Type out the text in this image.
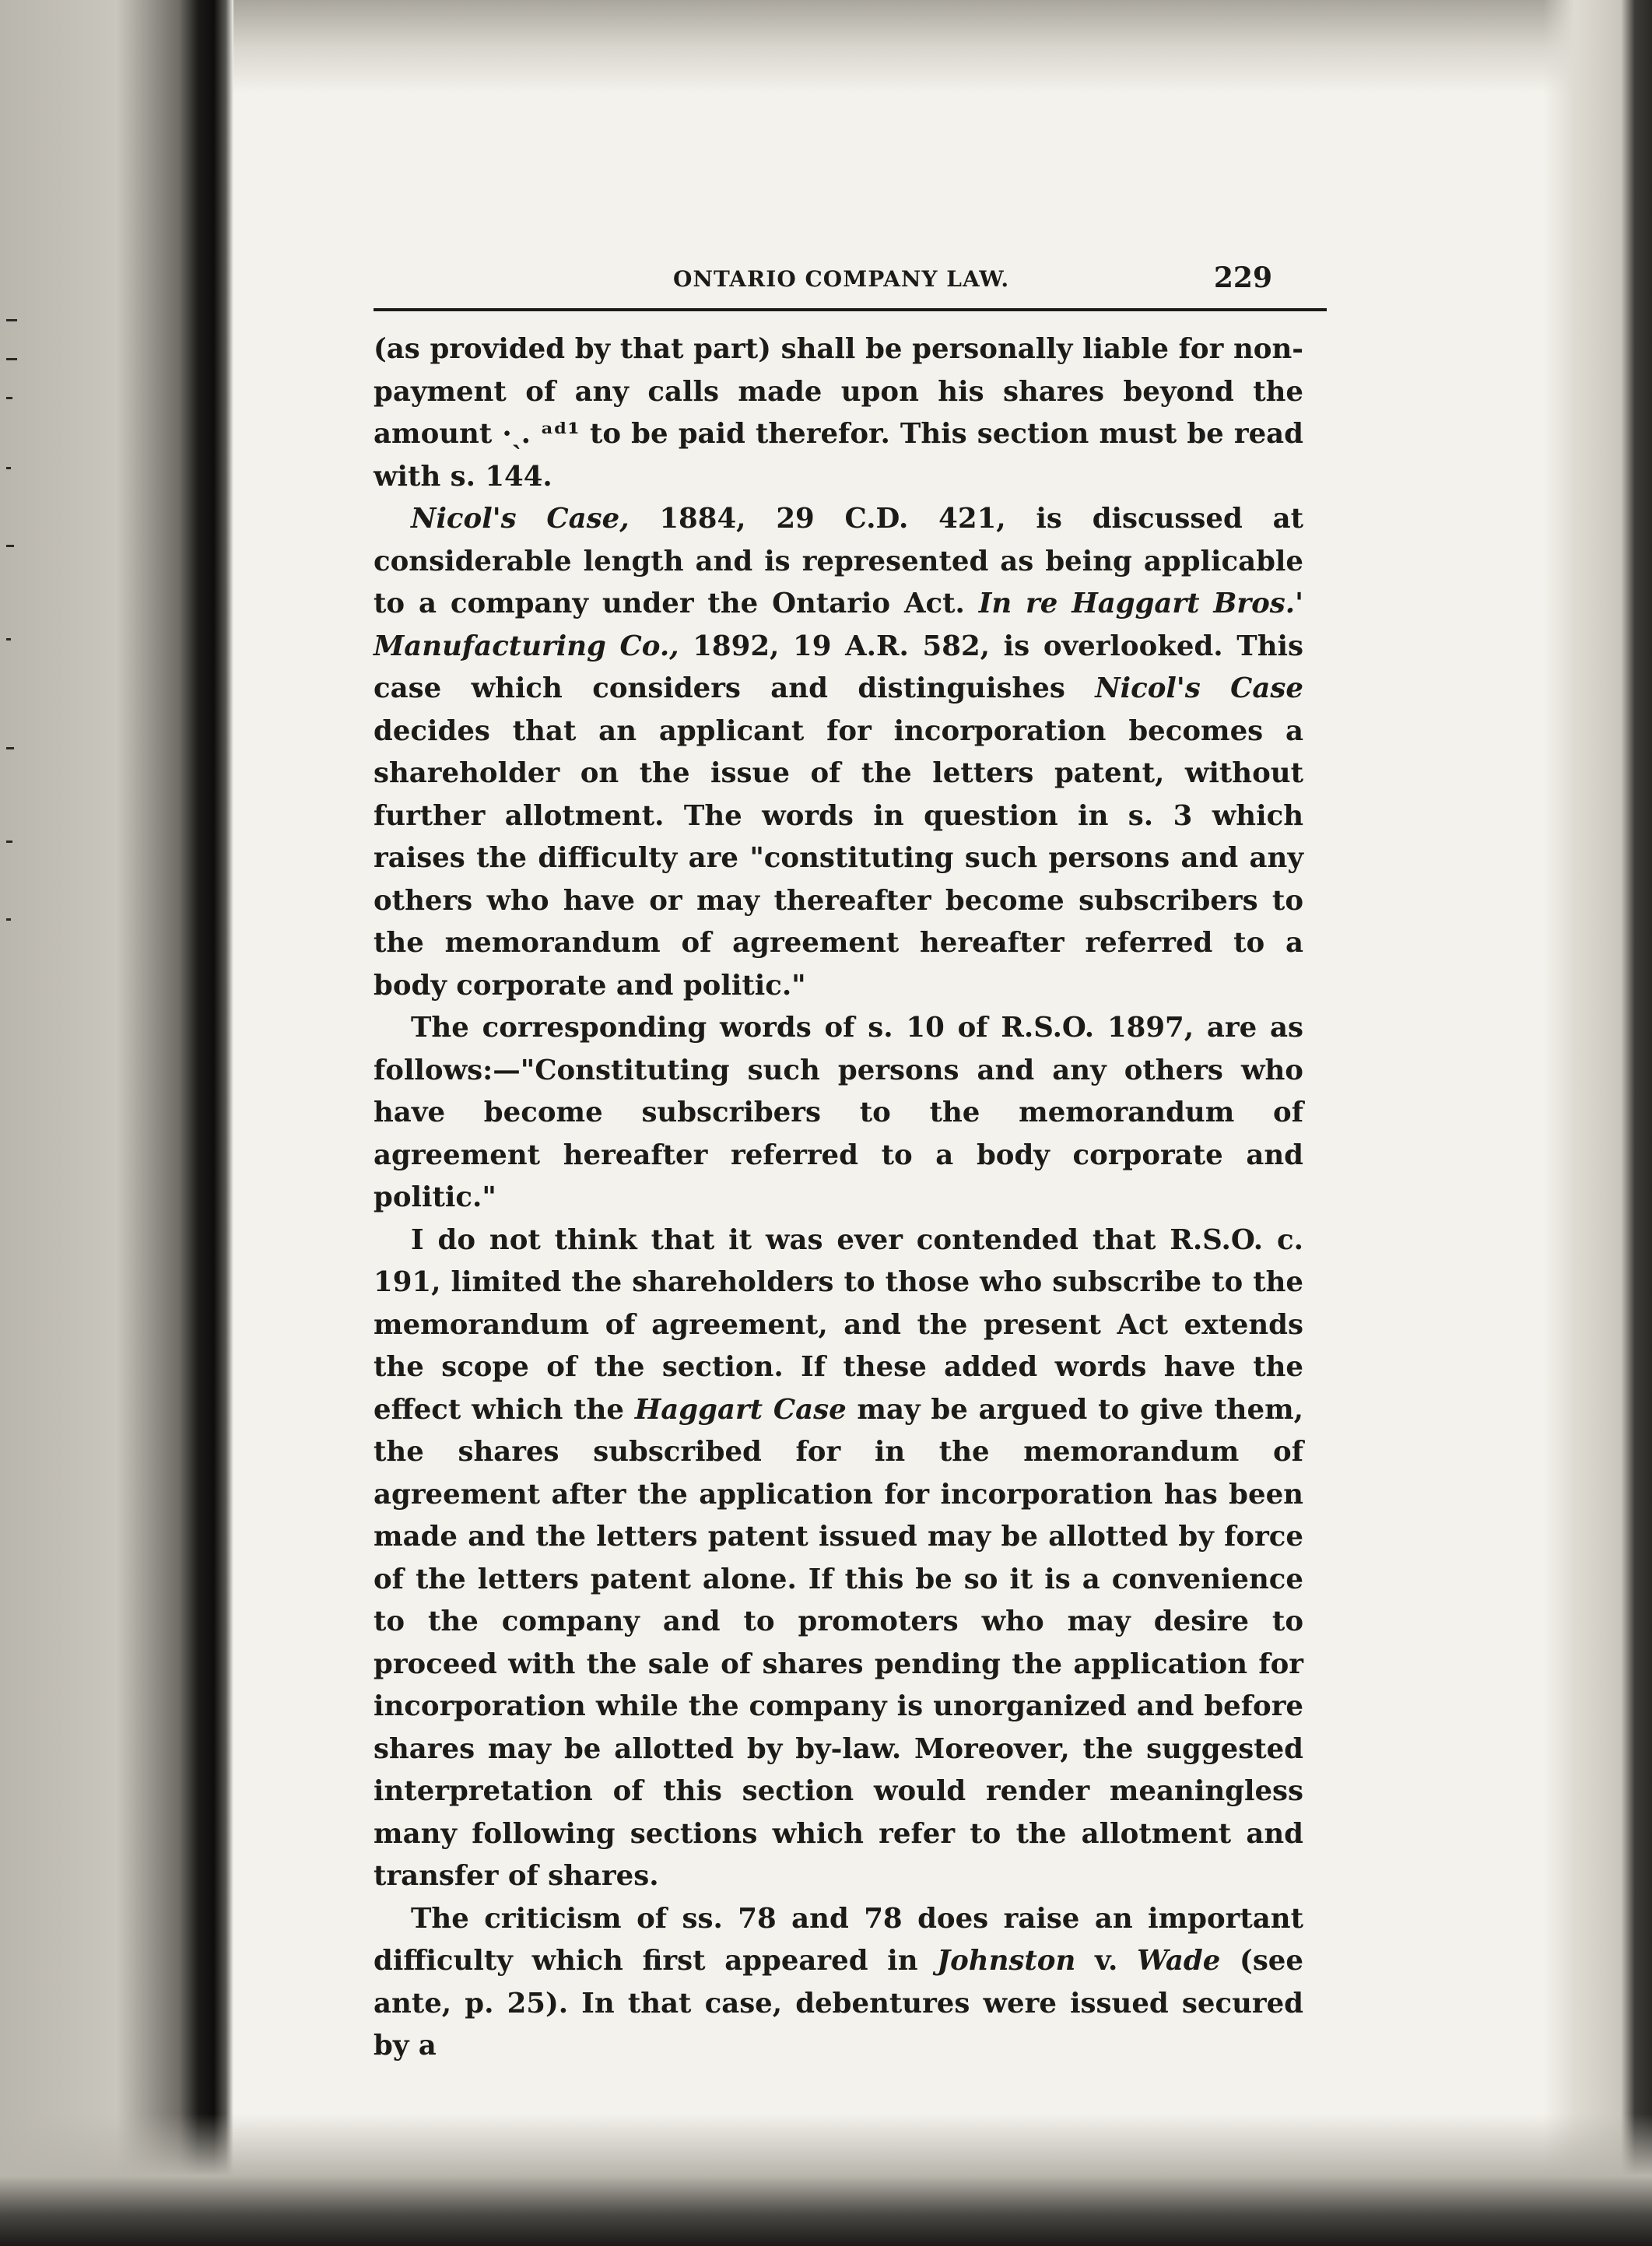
ONTARIO COMPANY LAW.	229

(as provided by that part) shall be personally liable for non-payment of any calls made upon his shares beyond the amount ·ˎ. ᵃᵈ¹ to be paid therefor. This section must be read with s. 144.

Nicol's Case, 1884, 29 C.D. 421, is discussed at considerable length and is represented as being applicable to a company under the Ontario Act. In re Haggart Bros.' Manufacturing Co., 1892, 19 A.R. 582, is overlooked. This case which considers and distinguishes Nicol's Case decides that an applicant for incorporation becomes a shareholder on the issue of the letters patent, without further allotment. The words in question in s. 3 which raises the difficulty are "constituting such persons and any others who have or may thereafter become subscribers to the memorandum of agreement hereafter referred to a body corporate and politic."

The corresponding words of s. 10 of R.S.O. 1897, are as follows:—"Constituting such persons and any others who have become subscribers to the memorandum of agreement hereafter referred to a body corporate and politic."

I do not think that it was ever contended that R.S.O. c. 191, limited the shareholders to those who subscribe to the memorandum of agreement, and the present Act extends the scope of the section. If these added words have the effect which the Haggart Case may be argued to give them, the shares subscribed for in the memorandum of agreement after the application for incorporation has been made and the letters patent issued may be allotted by force of the letters patent alone. If this be so it is a convenience to the company and to promoters who may desire to proceed with the sale of shares pending the application for incorporation while the company is unorganized and before shares may be allotted by by-law. Moreover, the suggested interpretation of this section would render meaningless many following sections which refer to the allotment and transfer of shares.

The criticism of ss. 78 and 78 does raise an important difficulty which first appeared in Johnston v. Wade (see ante, p. 25). In that case, debentures were issued secured by a
